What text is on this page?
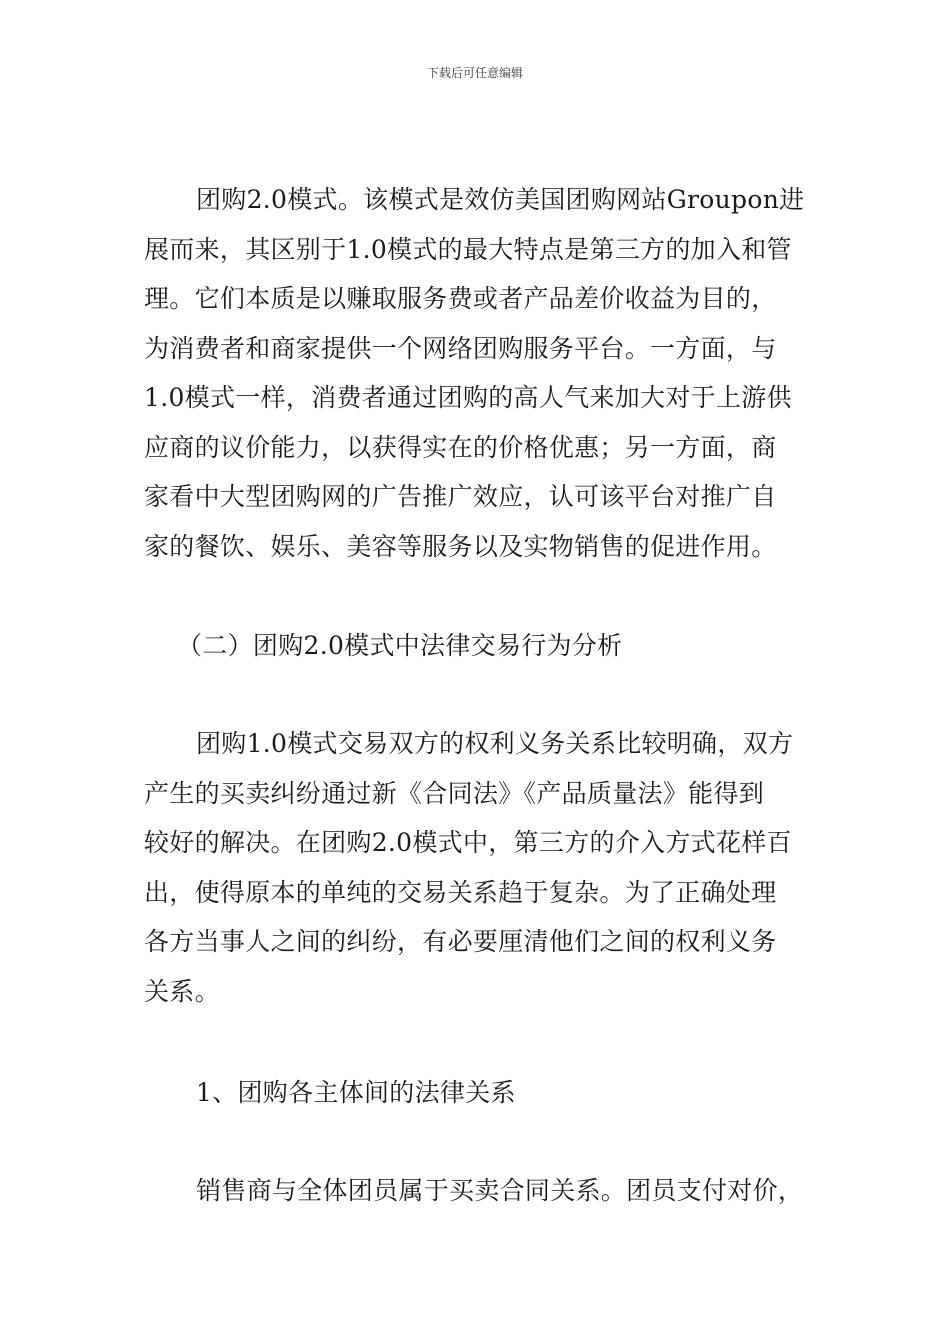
下载后可任意编辑
团购2.0模式。该模式是效仿美国团购网站Groupon进
展而来，其区别于1.0模式的最大特点是第三方的加入和管
理。它们本质是以赚取服务费或者产品差价收益为目的，
为消费者和商家提供一个网络团购服务平台。一方面，与
1.0模式一样，消费者通过团购的高人气来加大对于上游供
应商的议价能力，以获得实在的价格优惠；另一方面，商
家看中大型团购网的广告推广效应，认可该平台对推广自
家的餐饮、娱乐、美容等服务以及实物销售的促进作用。
（二）团购2.0模式中法律交易行为分析
团购1.0模式交易双方的权利义务关系比较明确，双方
产生的买卖纠纷通过新《合同法》《产品质量法》能得到
较好的解决。在团购2.0模式中，第三方的介入方式花样百
出，使得原本的单纯的交易关系趋于复杂。为了正确处理
各方当事人之间的纠纷，有必要厘清他们之间的权利义务
关系。
1、团购各主体间的法律关系
销售商与全体团员属于买卖合同关系。团员支付对价，
